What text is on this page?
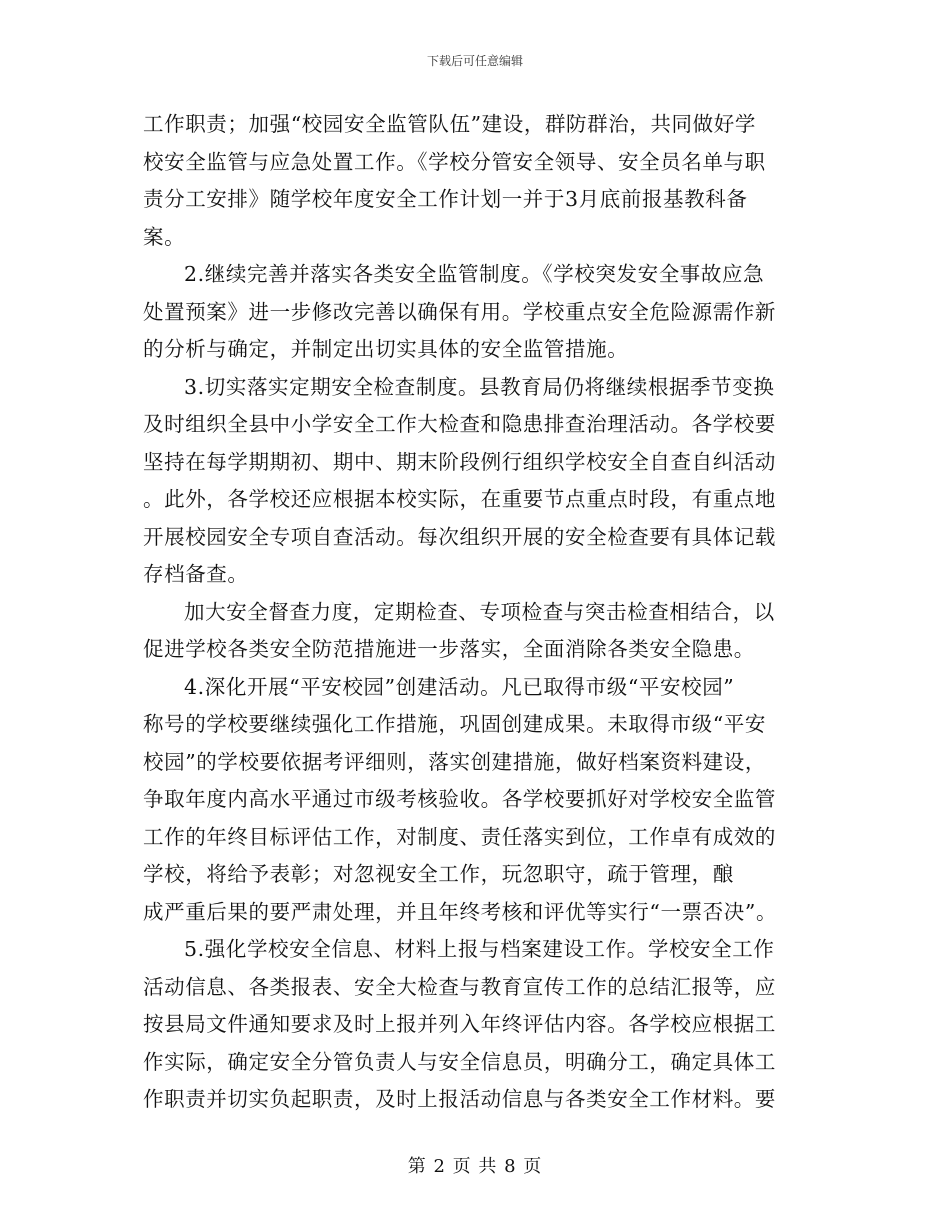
下载后可任意编辑
工作职责；加强“校园安全监管队伍”建设，群防群治，共同做好学
校安全监管与应急处置工作。《学校分管安全领导、安全员名单与职
责分工安排》随学校年度安全工作计划一并于3月底前报基教科备
案。
2.继续完善并落实各类安全监管制度。《学校突发安全事故应急
处置预案》进一步修改完善以确保有用。学校重点安全危险源需作新
的分析与确定，并制定出切实具体的安全监管措施。
3.切实落实定期安全检查制度。县教育局仍将继续根据季节变换
及时组织全县中小学安全工作大检查和隐患排查治理活动。各学校要
坚持在每学期期初、期中、期末阶段例行组织学校安全自查自纠活动
。此外，各学校还应根据本校实际，在重要节点重点时段，有重点地
开展校园安全专项自查活动。每次组织开展的安全检查要有具体记载
存档备查。
加大安全督查力度，定期检查、专项检查与突击检查相结合，以
促进学校各类安全防范措施进一步落实，全面消除各类安全隐患。
4.深化开展“平安校园”创建活动。凡已取得市级“平安校园”
称号的学校要继续强化工作措施，巩固创建成果。未取得市级“平安
校园”的学校要依据考评细则，落实创建措施，做好档案资料建设，
争取年度内高水平通过市级考核验收。各学校要抓好对学校安全监管
工作的年终目标评估工作，对制度、责任落实到位，工作卓有成效的
学校，将给予表彰；对忽视安全工作，玩忽职守，疏于管理，酿
成严重后果的要严肃处理，并且年终考核和评优等实行“一票否决”。
5.强化学校安全信息、材料上报与档案建设工作。学校安全工作
活动信息、各类报表、安全大检查与教育宣传工作的总结汇报等，应
按县局文件通知要求及时上报并列入年终评估内容。各学校应根据工
作实际，确定安全分管负责人与安全信息员，明确分工，确定具体工
作职责并切实负起职责，及时上报活动信息与各类安全工作材料。要
第 2 页 共 8 页
